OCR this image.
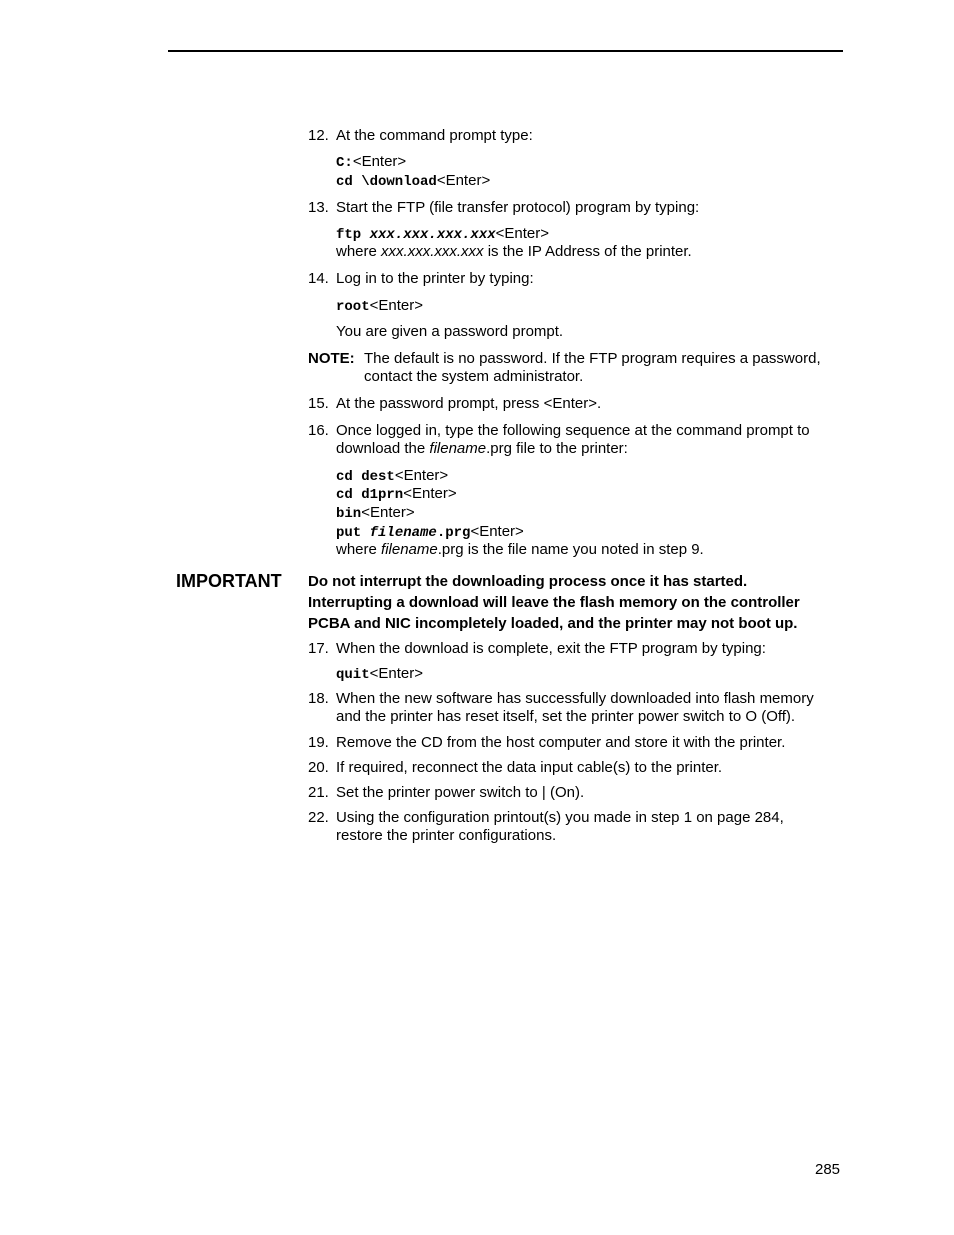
12. At the command prompt type:
C:<Enter>
cd \download<Enter>
13. Start the FTP (file transfer protocol) program by typing:
ftp xxx.xxx.xxx.xxx<Enter>
where xxx.xxx.xxx.xxx is the IP Address of the printer.
14. Log in to the printer by typing:
root<Enter>
You are given a password prompt.
NOTE: The default is no password. If the FTP program requires a password,
contact the system administrator.
15. At the password prompt, press <Enter>.
16. Once logged in, type the following sequence at the command prompt to
download the filename.prg file to the printer:
cd dest<Enter>
cd d1prn<Enter>
bin<Enter>
put filename.prg<Enter>
where filename.prg is the file name you noted in step 9.
IMPORTANT Do not interrupt the downloading process once it has started.
Interrupting a download will leave the flash memory on the controller
PCBA and NIC incompletely loaded, and the printer may not boot up.
17. When the download is complete, exit the FTP program by typing:
quit<Enter>
18. When the new software has successfully downloaded into flash memory
and the printer has reset itself, set the printer power switch to O (Off).
19. Remove the CD from the host computer and store it with the printer.
20. If required, reconnect the data input cable(s) to the printer.
21. Set the printer power switch to | (On).
22. Using the configuration printout(s) you made in step 1 on page 284,
restore the printer configurations.
285
